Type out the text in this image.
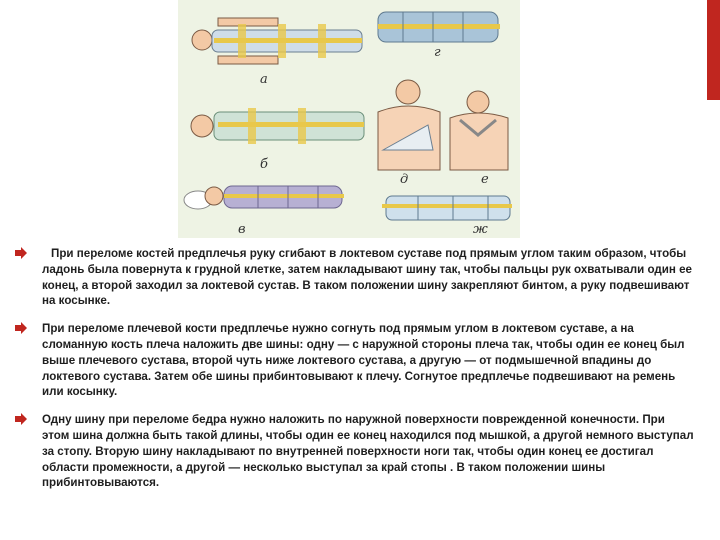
а
б
в
г
д	е
ж
При переломе костей предплечья руку сгибают в локтевом суставе под прямым углом таким образом, чтобы ладонь была повернута к грудной клетке, затем накладывают шину так, чтобы пальцы рук охватывали один ее конец, а второй заходил за локтевой сустав. В таком положении шину закрепляют бинтом, а руку подвешивают на косынке.
При переломе плечевой кости предплечье нужно согнуть под прямым углом в локтевом суставе, а на сломанную кость плеча наложить две шины: одну — с наружной стороны плеча так, чтобы один ее конец был выше плечевого сустава, второй чуть ниже локтевого сустава, а другую — от подмышечной впадины до локтевого сустава. Затем обе шины прибинтовывают к плечу. Согнутое предплечье подвешивают на ремень или косынку.
Одну шину при переломе бедра нужно наложить по наружной поверхности поврежденной конечности. При этом шина должна быть такой длины, чтобы один ее конец находился под мышкой, а другой немного выступал за стопу. Вторую шину накладывают по внутренней поверхности ноги так, чтобы один конец ее достигал области промежности, а другой — несколько выступал за край стопы . В таком положении шины прибинтовываются.
